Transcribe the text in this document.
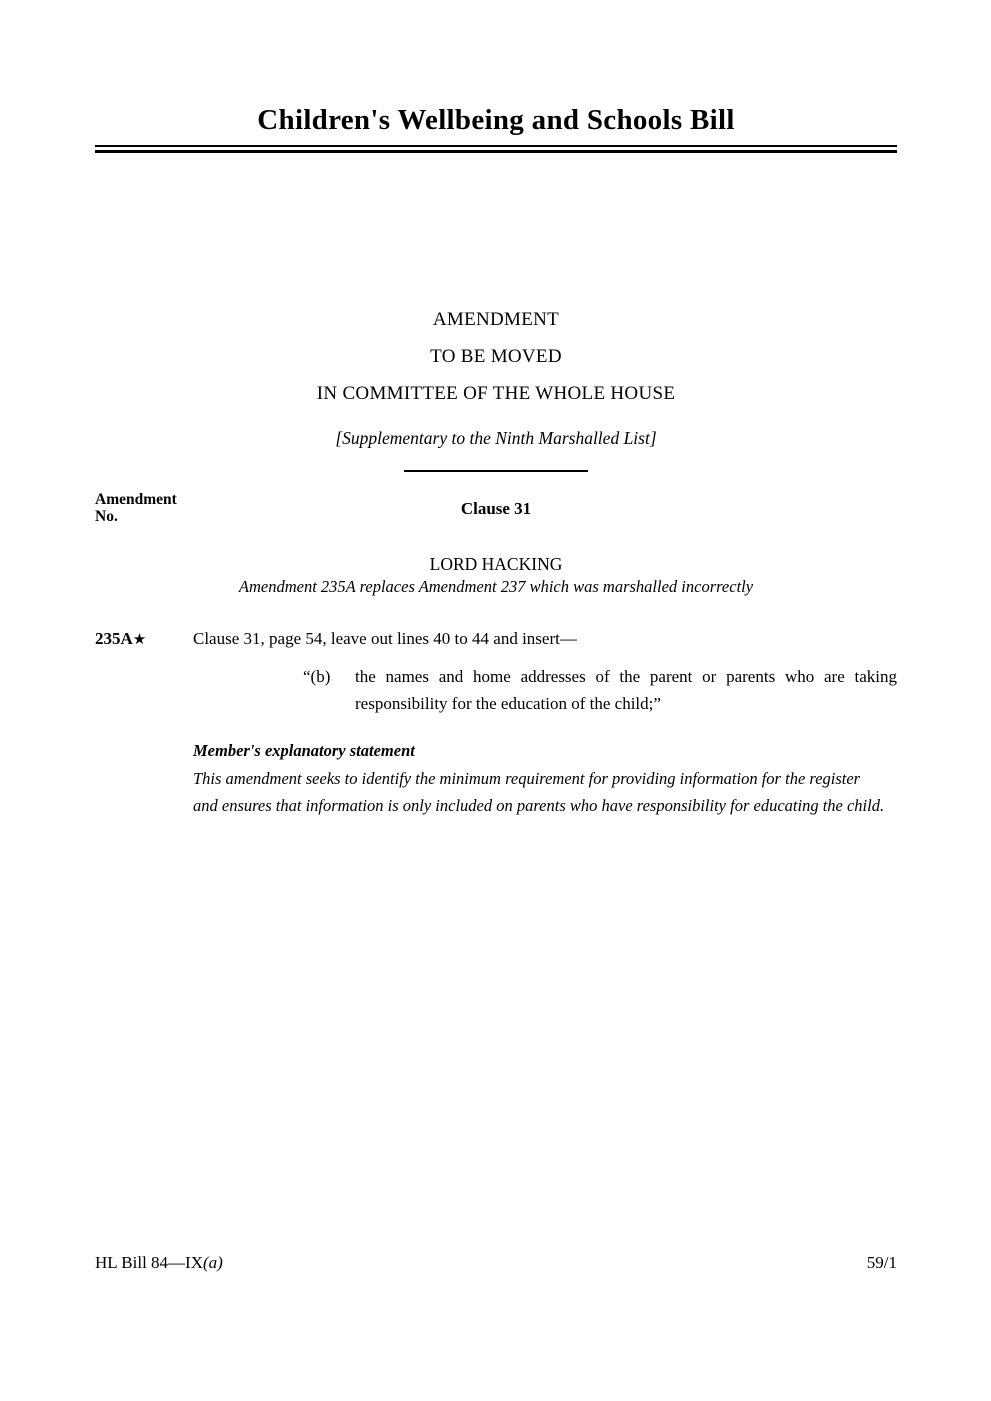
Children's Wellbeing and Schools Bill

AMENDMENT

TO BE MOVED

IN COMMITTEE OF THE WHOLE HOUSE

[Supplementary to the Ninth Marshalled List]
Amendment
No.	Clause 31
LORD HACKING
Amendment 235A replaces Amendment 237 which was marshalled incorrectly
235A★	Clause 31, page 54, leave out lines 40 to 44 and insert—
“(b)	the names and home addresses of the parent or parents who are taking responsibility for the education of the child;”

Member's explanatory statement

This amendment seeks to identify the minimum requirement for providing information for the register and ensures that information is only included on parents who have responsibility for educating the child.
HL Bill 84—IX(a)	59/1
